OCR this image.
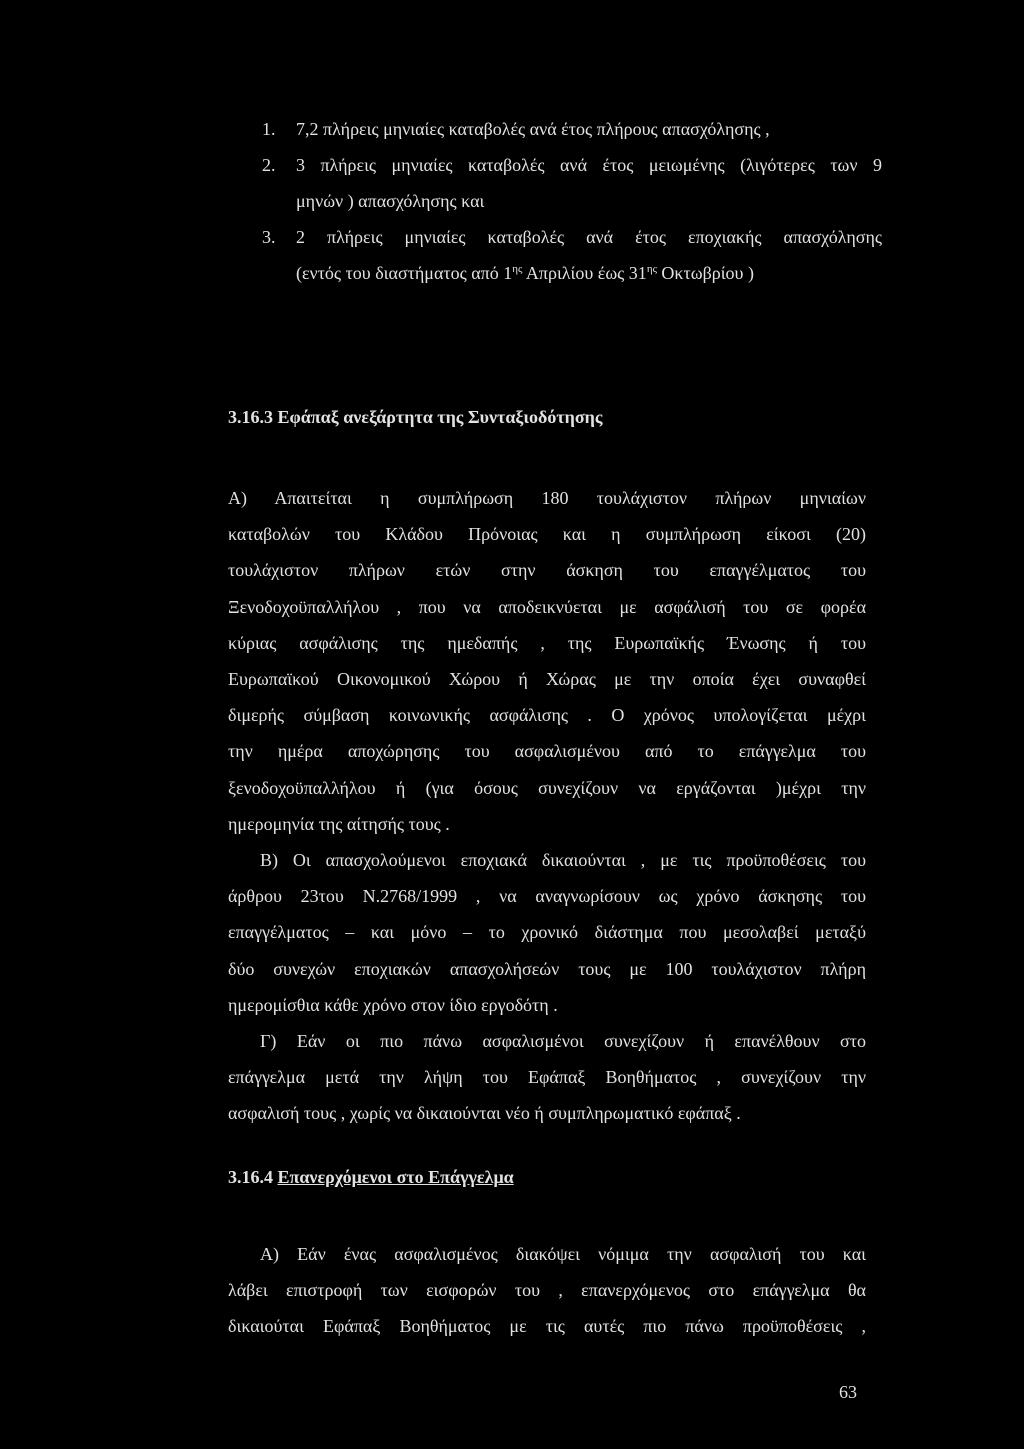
1. 7,2 πλήρεις μηνιαίες καταβολές ανά έτος πλήρους απασχόλησης ,
2. 3 πλήρεις μηνιαίες καταβολές ανά έτος μειωμένης (λιγότερες των 9
μηνών ) απασχόλησης και
3. 2 πλήρεις μηνιαίες καταβολές ανά έτος εποχιακής απασχόλησης
(εντός του διαστήματος από $1^{\eta\varsigma}$ Απριλίου έως $31^{\eta\varsigma}$ Οκτωβρίου )
3.16.3 Εφάπαξ ανεξάρτητα της Συνταξιοδότησης
Α) Απαιτείται η συμπλήρωση 180 τουλάχιστον πλήρων μηνιαίων
καταβολών του Κλάδου Πρόνοιας και η συμπλήρωση είκοσι (20)
τουλάχιστον πλήρων ετών στην άσκηση του επαγγέλματος του
Ξενοδοχοϋπαλλήλου , που να αποδεικνύεται με ασφάλισή του σε φορέα
κύριας ασφάλισης της ημεδαπής , της Ευρωπαϊκής Ένωσης ή του
Ευρωπαϊκού Οικονομικού Χώρου ή Χώρας με την οποία έχει συναφθεί
διμερής σύμβαση κοινωνικής ασφάλισης . Ο χρόνος υπολογίζεται μέχρι
την ημέρα αποχώρησης του ασφαλισμένου από το επάγγελμα του
ξενοδοχοϋπαλλήλου ή (για όσους συνεχίζουν να εργάζονται )μέχρι την
ημερομηνία της αίτησής τους .
Β) Οι απασχολούμενοι εποχιακά δικαιούνται , με τις προϋποθέσεις του
άρθρου 23του Ν.2768/1999 , να αναγνωρίσουν ως χρόνο άσκησης του
επαγγέλματος – και μόνο – το χρονικό διάστημα που μεσολαβεί μεταξύ
δύο συνεχών εποχιακών απασχολήσεών τους με 100 τουλάχιστον πλήρη
ημερομίσθια κάθε χρόνο στον ίδιο εργοδότη .
Γ) Εάν οι πιο πάνω ασφαλισμένοι συνεχίζουν ή επανέλθουν στο
επάγγελμα μετά την λήψη του Εφάπαξ Βοηθήματος , συνεχίζουν την
ασφαλισή τους , χωρίς να δικαιούνται νέο ή συμπληρωματικό εφάπαξ .
3.16.4 Επανερχόμενοι στο Επάγγελμα
Α) Εάν ένας ασφαλισμένος διακόψει νόμιμα την ασφαλισή του και
λάβει επιστροφή των εισφορών του , επανερχόμενος στο επάγγελμα θα
δικαιούται Εφάπαξ Βοηθήματος με τις αυτές πιο πάνω προϋποθέσεις ,
63
